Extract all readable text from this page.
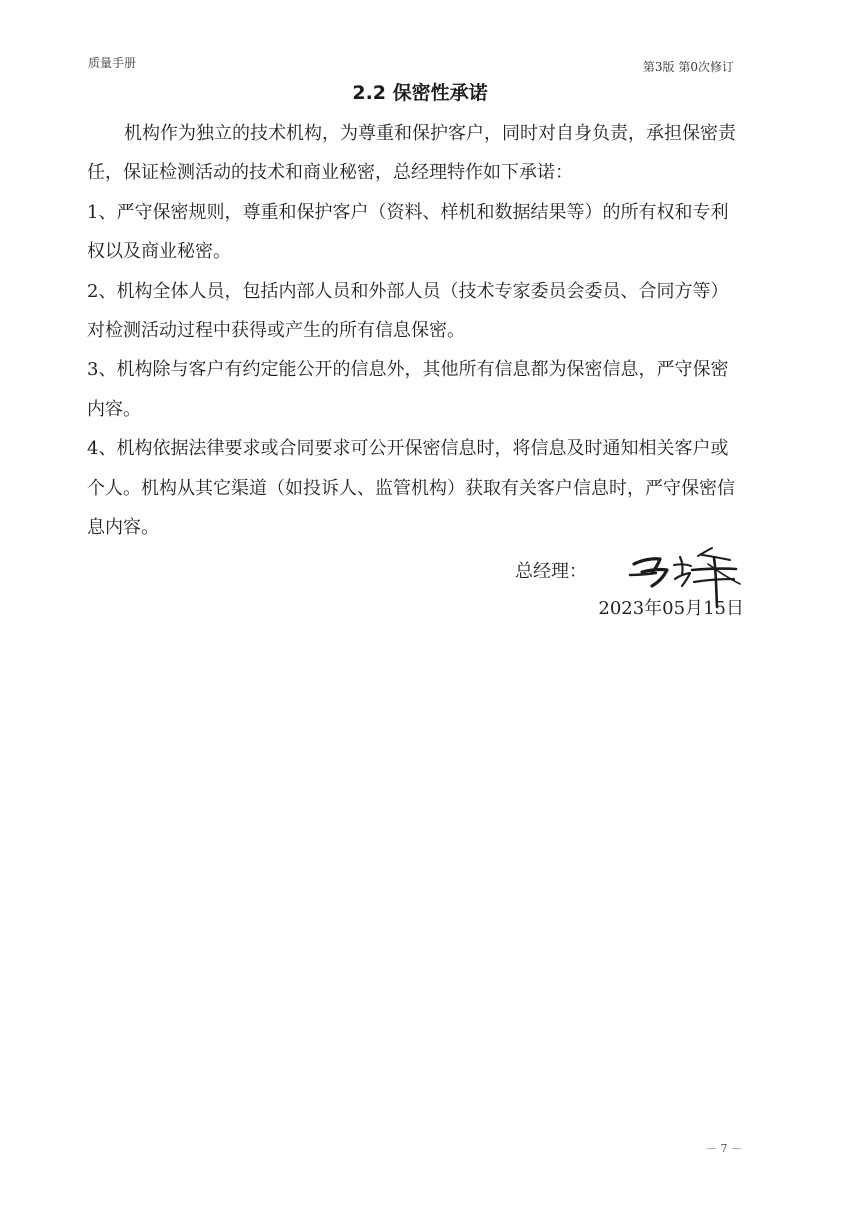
质量手册	第3版 第0次修订
2.2 保密性承诺

机构作为独立的技术机构，为尊重和保护客户，同时对自身负责，承担保密责任，保证检测活动的技术和商业秘密，总经理特作如下承诺：

1、严守保密规则，尊重和保护客户（资料、样机和数据结果等）的所有权和专利权以及商业秘密。

2、机构全体人员，包括内部人员和外部人员（技术专家委员会委员、合同方等）对检测活动过程中获得或产生的所有信息保密。

3、机构除与客户有约定能公开的信息外，其他所有信息都为保密信息，严守保密内容。

4、机构依据法律要求或合同要求可公开保密信息时，将信息及时通知相关客户或个人。机构从其它渠道（如投诉人、监管机构）获取有关客户信息时，严守保密信息内容。

总经理：
2023年05月15日
－ 7 －
